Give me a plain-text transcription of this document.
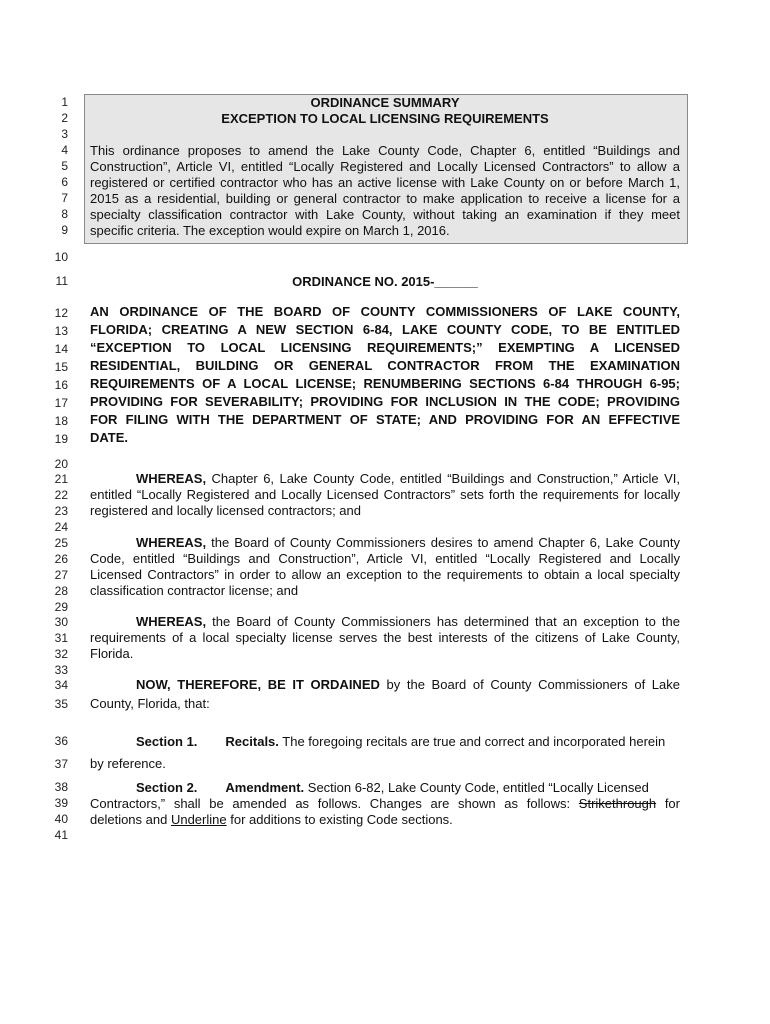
1
2
3
4
5
6
7
8
9
10
11
12
13
14
15
16
17
18
19
20
21
22
23
24
25
26
27
28
29
30
31
32
33
34
35
36
37
38
39
40
41
ORDINANCE SUMMARY
EXCEPTION TO LOCAL LICENSING REQUIREMENTS
This ordinance proposes to amend the Lake County Code, Chapter 6, entitled “Buildings and
Construction”, Article VI, entitled “Locally Registered and Locally Licensed Contractors” to allow a
registered or certified contractor who has an active license with Lake County on or before March 1,
2015 as a residential, building or general contractor to make application to receive a license for a
specialty classification contractor with Lake County, without taking an examination if they meet
specific criteria. The exception would expire on March 1, 2016.
ORDINANCE NO. 2015-______
AN ORDINANCE OF THE BOARD OF COUNTY COMMISSIONERS OF LAKE COUNTY,
FLORIDA; CREATING A NEW SECTION 6-84, LAKE COUNTY CODE, TO BE ENTITLED
“EXCEPTION TO LOCAL LICENSING REQUIREMENTS;” EXEMPTING A LICENSED
RESIDENTIAL, BUILDING OR GENERAL CONTRACTOR FROM THE EXAMINATION
REQUIREMENTS OF A LOCAL LICENSE; RENUMBERING SECTIONS 6-84 THROUGH 6-95;
PROVIDING FOR SEVERABILITY; PROVIDING FOR INCLUSION IN THE CODE; PROVIDING
FOR FILING WITH THE DEPARTMENT OF STATE; AND PROVIDING FOR AN EFFECTIVE
DATE.
WHEREAS, Chapter 6, Lake County Code, entitled “Buildings and Construction,” Article VI,
entitled “Locally Registered and Locally Licensed Contractors” sets forth the requirements for locally
registered and locally licensed contractors; and
WHEREAS, the Board of County Commissioners desires to amend Chapter 6, Lake County
Code, entitled “Buildings and Construction”, Article VI, entitled “Locally Registered and Locally
Licensed Contractors” in order to allow an exception to the requirements to obtain a local specialty
classification contractor license; and
WHEREAS, the Board of County Commissioners has determined that an exception to the
requirements of a local specialty license serves the best interests of the citizens of Lake County,
Florida.
NOW, THEREFORE, BE IT ORDAINED by the Board of County Commissioners of Lake
County, Florida, that:
Section 1. Recitals. The foregoing recitals are true and correct and incorporated herein
by reference.
Section 2. Amendment. Section 6-82, Lake County Code, entitled “Locally Licensed
Contractors,” shall be amended as follows. Changes are shown as follows: Strikethrough for
deletions and Underline for additions to existing Code sections.
